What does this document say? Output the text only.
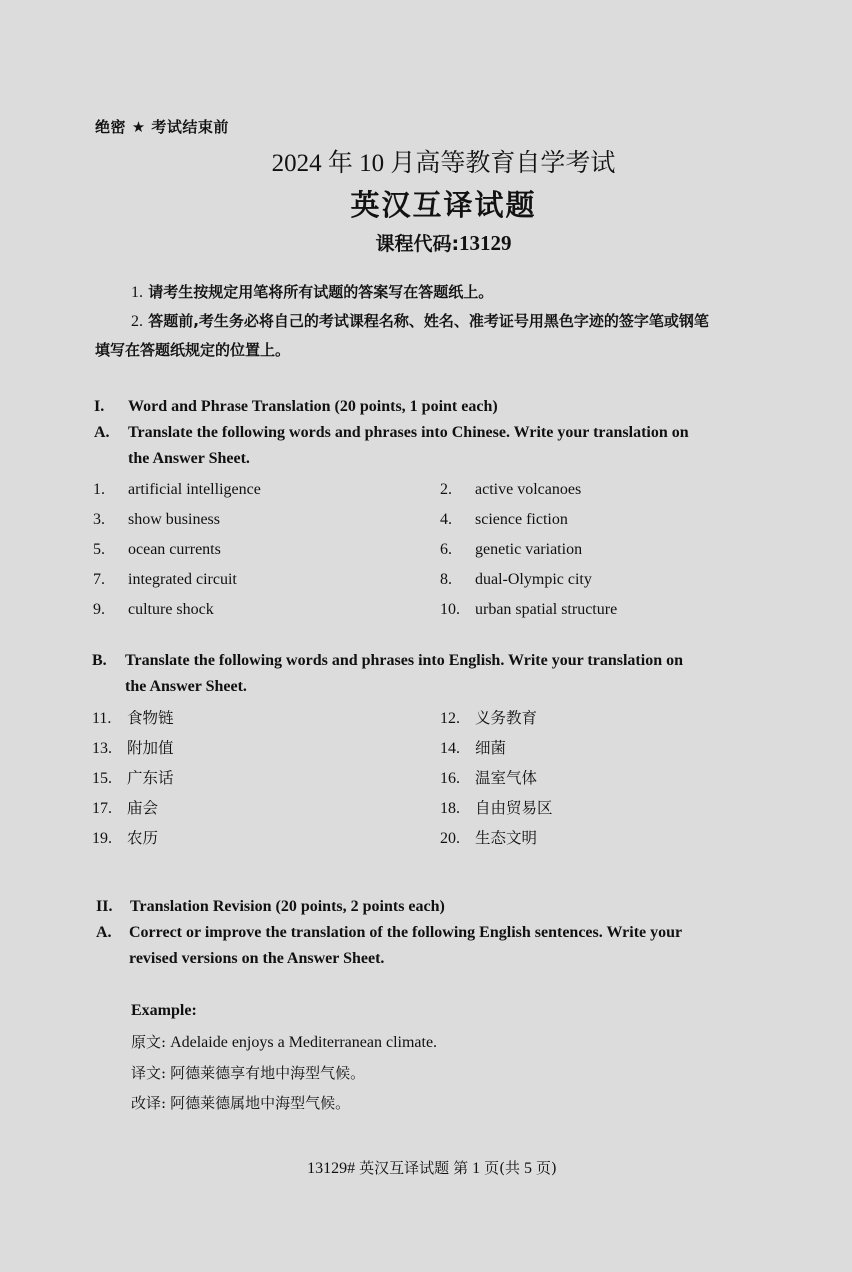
绝密 ★ 考试结束前
2024 年 10 月高等教育自学考试
英汉互译试题
课程代码:13129
1. 请考生按规定用笔将所有试题的答案写在答题纸上。
2. 答题前,考生务必将自己的考试课程名称、姓名、准考证号用黑色字迹的签字笔或钢笔
填写在答题纸规定的位置上。
I. Word and Phrase Translation (20 points, 1 point each)
A.	Translate the following words and phrases into Chinese. Write your translation on
the Answer Sheet.
1. artificial intelligence	2. active volcanoes
3. show business	4. science fiction
5. ocean currents	6. genetic variation
7. integrated circuit	8. dual-Olympic city
9. culture shock	10. urban spatial structure
B.	Translate the following words and phrases into English. Write your translation on
the Answer Sheet.
11. 食物链	12. 义务教育
13. 附加值	14. 细菌
15. 广东话	16. 温室气体
17. 庙会	18. 自由贸易区
19. 农历	20. 生态文明
II. Translation Revision (20 points, 2 points each)
A.	Correct or improve the translation of the following English sentences. Write your
revised versions on the Answer Sheet.
Example:
原文: Adelaide enjoys a Mediterranean climate.
译文: 阿德莱德享有地中海型气候。
改译: 阿德莱德属地中海型气候。
13129# 英汉互译试题 第 1 页(共 5 页)
